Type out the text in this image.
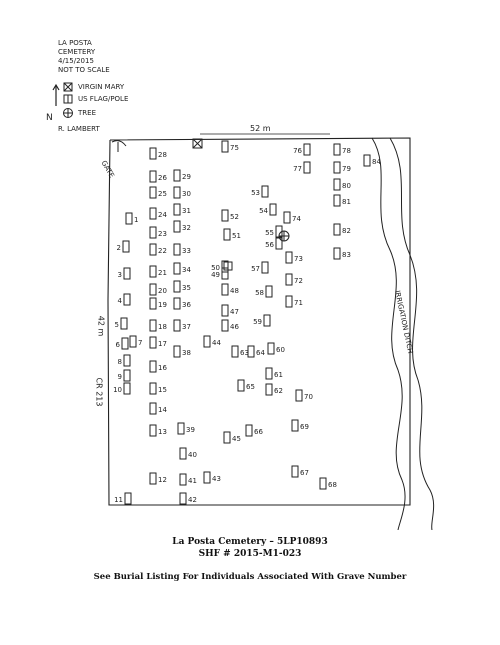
LA POSTA
CEMETERY
4/15/2015
NOT TO SCALE
VIRGIN MARY
US FLAG/POLE
TREE
N
R. LAMBERT
1
2
3
4
5
6	7
8
9
10
11
12
13
14
15
16
17
18
19
20
21
22
23
24
25
26
28
29
30
31
32
33
34
35
36
37
38
39
40
41
42
43
44
45
46
47
48
49
50
51
52
53
54
55
56
57
58
59
60
61
62
63 64
65
66
67
68
69
70
71
72
73
74
75	76
77
78
79
80
81
82
83
84
52 m
GATE
42 m
CR 213
IRRIGATION DITCH
La Posta Cemetery – 5LP10893
SHF # 2015-M1-023
See Burial Listing For Individuals Associated With Grave Number
